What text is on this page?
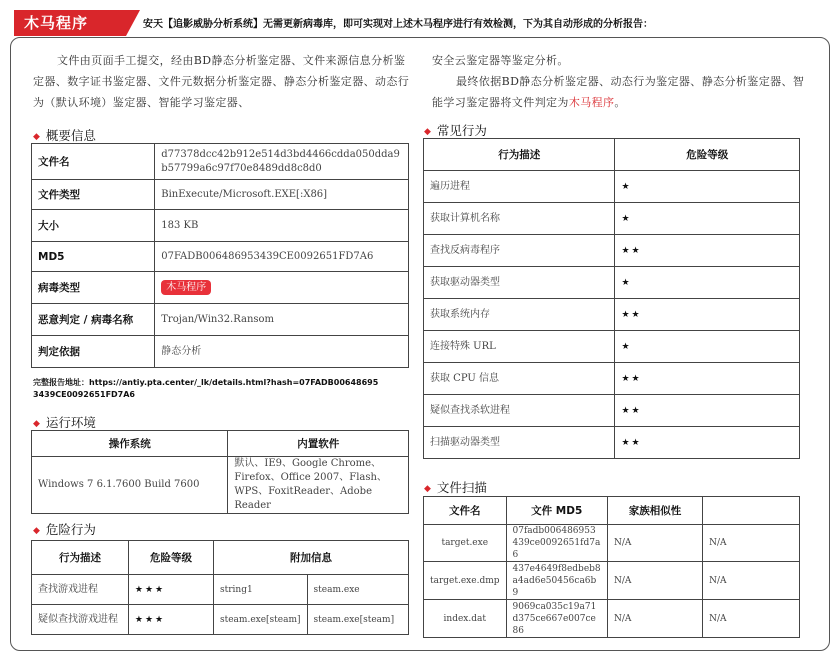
木马程序	安天【追影威胁分析系统】无需更新病毒库，即可实现对上述木马程序进行有效检测，下为其自动形成的分析报告：
文件由页面手工提交，经由BD静态分析鉴定器、文件来源信息分析鉴定器、数字证书鉴定器、文件元数据分析鉴定器、静态分析鉴定器、动态行为（默认环境）鉴定器、智能学习鉴定器、
安全云鉴定器等鉴定分析。
最终依据BD静态分析鉴定器、动态行为鉴定器、静态分析鉴定器、智能学习鉴定器将文件判定为木马程序。
◆ 概要信息
文件名	d77378dcc42b912e514d3bd4466cdda050dda9b57799a6c97f70e8489dd8c8d0
文件类型	BinExecute/Microsoft.EXE[:X86]
大小	183 KB
MD5	07FADB006486953439CE0092651FD7A6
病毒类型	木马程序
恶意判定 / 病毒名称	Trojan/Win32.Ransom
判定依据	静态分析
完整报告地址：https://antiy.pta.center/_lk/details.html?hash=07FADB006486953439CE0092651FD7A6
◆ 运行环境
操作系统	内置软件
Windows 7 6.1.7600 Build 7600	默认、IE9、Google Chrome、Firefox、Office 2007、Flash、WPS、FoxitReader、Adobe Reader
◆ 危险行为
行为描述	危险等级	附加信息	
查找游戏进程	★★★	string1	steam.exe
疑似查找游戏进程	★★★	steam.exe[steam]	steam.exe[steam]
◆ 常见行为
行为描述	危险等级
遍历进程	★
获取计算机名称	★
查找反病毒程序	★★
获取驱动器类型	★
获取系统内存	★★
连接特殊 URL	★
获取 CPU 信息	★★
疑似查找杀软进程	★★
扫描驱动器类型	★★
◆ 文件扫描
文件名	文件 MD5	家族相似性	
target.exe	07fadb006486953439ce0092651fd7a6	N/A	N/A
target.exe.dmp	437e4649f8edbeb8a4ad6e50456ca6b9	N/A	N/A
index.dat	9069ca035c19a71d375ce667e007ce86	N/A	N/A
